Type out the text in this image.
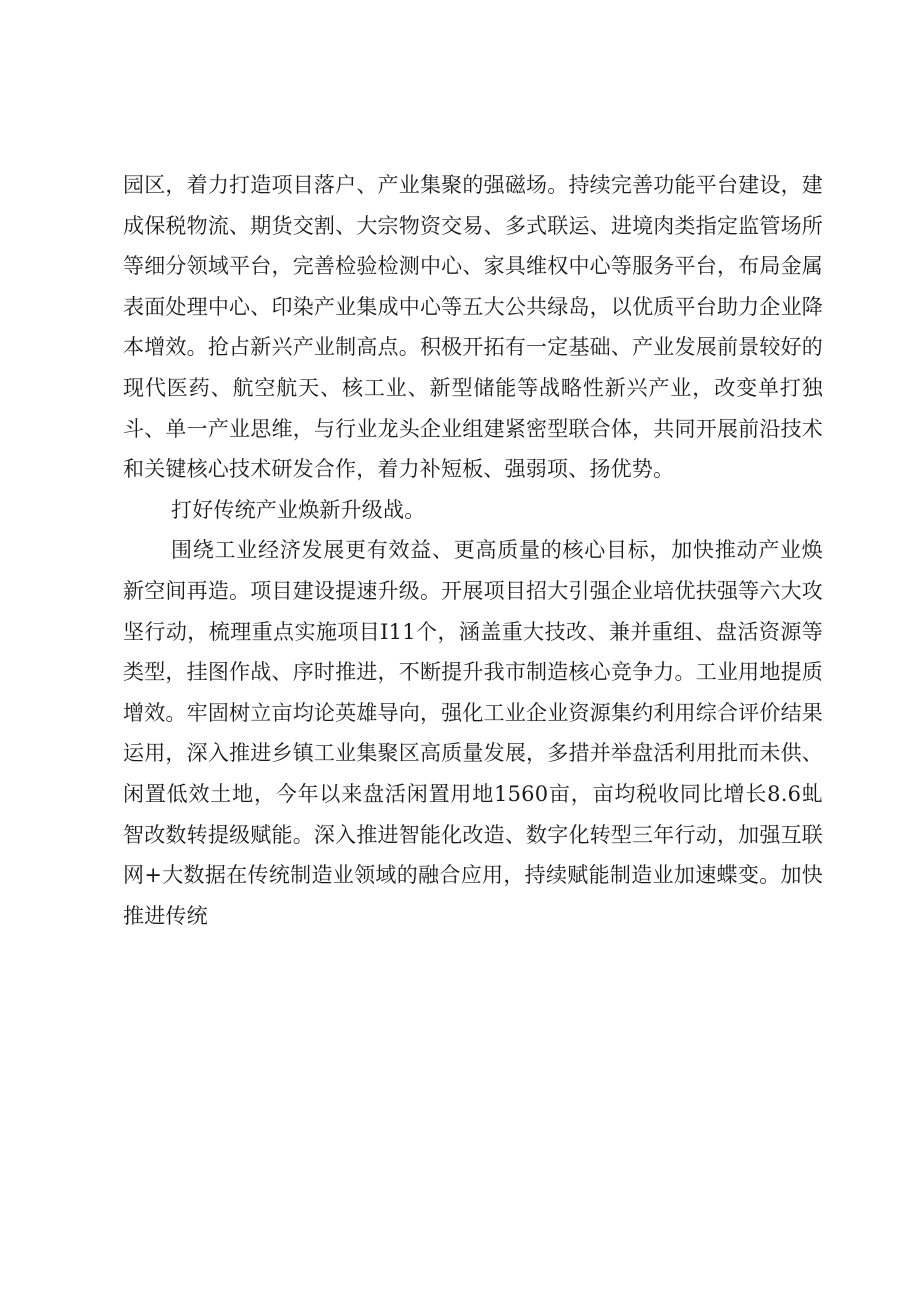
园区，着力打造项目落户、产业集聚的强磁场。持续完善功能平台建设，建成保税物流、期货交割、大宗物资交易、多式联运、进境肉类指定监管场所等细分领域平台，完善检验检测中心、家具维权中心等服务平台，布局金属表面处理中心、印染产业集成中心等五大公共绿岛，以优质平台助力企业降本增效。抢占新兴产业制高点。积极开拓有一定基础、产业发展前景较好的现代医药、航空航天、核工业、新型储能等战略性新兴产业，改变单打独斗、单一产业思维，与行业龙头企业组建紧密型联合体，共同开展前沿技术和关键核心技术研发合作，着力补短板、强弱项、扬优势。

打好传统产业焕新升级战。

围绕工业经济发展更有效益、更高质量的核心目标，加快推动产业焕新空间再造。项目建设提速升级。开展项目招大引强企业培优扶强等六大攻坚行动，梳理重点实施项目I11个，涵盖重大技改、兼并重组、盘活资源等类型，挂图作战、序时推进，不断提升我市制造核心竞争力。工业用地提质增效。牢固树立亩均论英雄导向，强化工业企业资源集约利用综合评价结果运用，深入推进乡镇工业集聚区高质量发展，多措并举盘活利用批而未供、闲置低效土地，今年以来盘活闲置用地1560亩，亩均税收同比增长8.6虬智改数转提级赋能。深入推进智能化改造、数字化转型三年行动，加强互联网+大数据在传统制造业领域的融合应用，持续赋能制造业加速蝶变。加快推进传统
